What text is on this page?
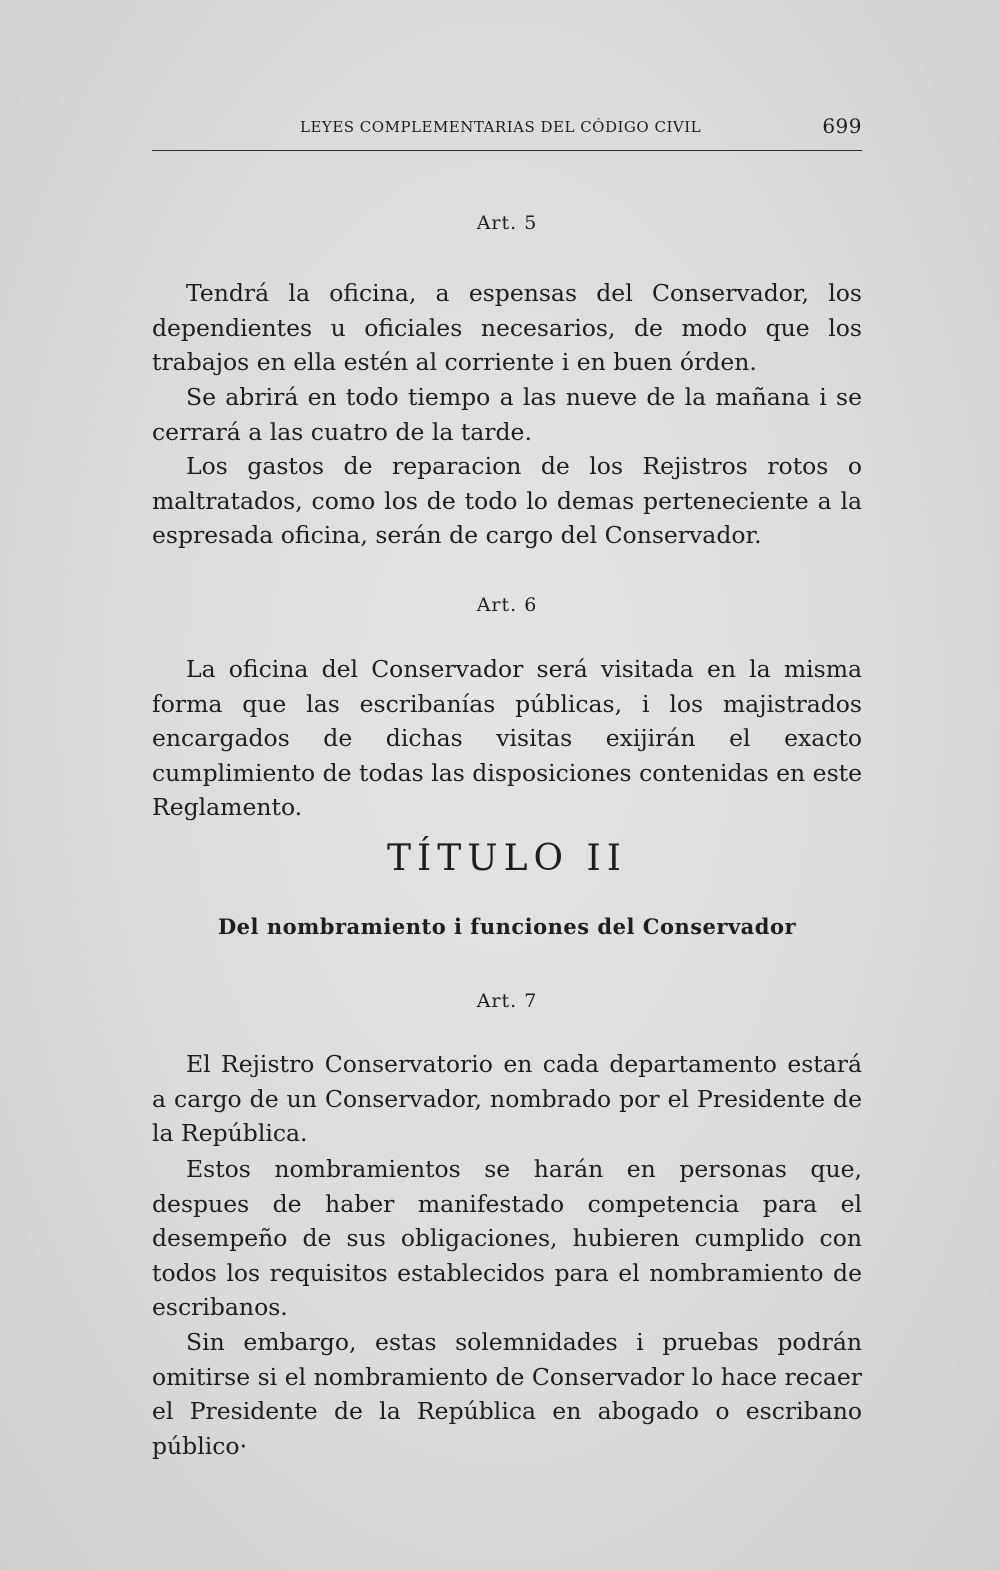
LEYES COMPLEMENTARIAS DEL CÓDIGO CIVIL	699
Art. 5

Tendrá la oficina, a espensas del Conservador, los dependientes u oficiales necesarios, de modo que los trabajos en ella estén al corriente i en buen órden.

Se abrirá en todo tiempo a las nueve de la mañana i se cerrará a las cuatro de la tarde.

Los gastos de reparacion de los Rejistros rotos o maltratados, como los de todo lo demas perteneciente a la espresada oficina, serán de cargo del Conservador.

Art. 6

La oficina del Conservador será visitada en la misma forma que las escribanías públicas, i los majistrados encargados de dichas visitas exijirán el exacto cumplimiento de todas las disposiciones contenidas en este Reglamento.

TÍTULO II
Del nombramiento i funciones del Conservador
Art. 7

El Rejistro Conservatorio en cada departamento estará a cargo de un Conservador, nombrado por el Presidente de la República.

Estos nombramientos se harán en personas que, despues de haber manifestado competencia para el desempeño de sus obligaciones, hubieren cumplido con todos los requisitos establecidos para el nombramiento de escribanos.

Sin embargo, estas solemnidades i pruebas podrán omitirse si el nombramiento de Conservador lo hace recaer el Presidente de la República en abogado o escribano público·
